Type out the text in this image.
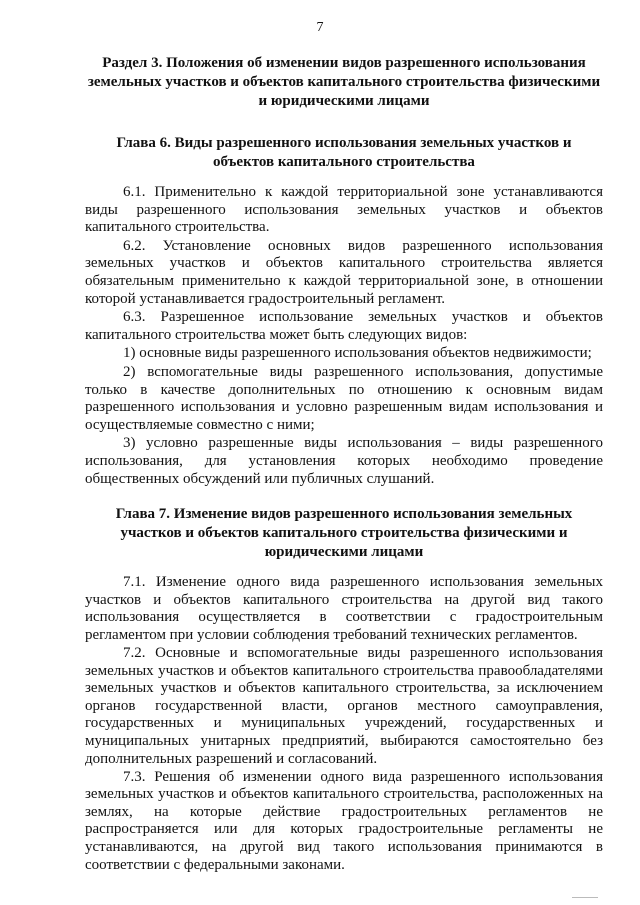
7
Раздел 3. Положения об изменении видов разрешенного использования земельных участков и объектов капитального строительства физическими и юридическими лицами
Глава 6. Виды разрешенного использования земельных участков и объектов капитального строительства

6.1. Применительно к каждой территориальной зоне устанавливаются виды разрешенного использования земельных участков и объектов капитального строительства.

6.2. Установление основных видов разрешенного использования земельных участков и объектов капитального строительства является обязательным применительно к каждой территориальной зоне, в отношении которой устанавливается градостроительный регламент.

6.3. Разрешенное использование земельных участков и объектов капитального строительства может быть следующих видов:

1) основные виды разрешенного использования объектов недвижимости;

2) вспомогательные виды разрешенного использования, допустимые только в качестве дополнительных по отношению к основным видам разрешенного использования и условно разрешенным видам использования и осуществляемые совместно с ними;

3) условно разрешенные виды использования – виды разрешенного использования, для установления которых необходимо проведение общественных обсуждений или публичных слушаний.

Глава 7. Изменение видов разрешенного использования земельных участков и объектов капитального строительства физическими и юридическими лицами

7.1. Изменение одного вида разрешенного использования земельных участков и объектов капитального строительства на другой вид такого использования осуществляется в соответствии с градостроительным регламентом при условии соблюдения требований технических регламентов.

7.2. Основные и вспомогательные виды разрешенного использования земельных участков и объектов капитального строительства правообладателями земельных участков и объектов капитального строительства, за исключением органов государственной власти, органов местного самоуправления, государственных и муниципальных учреждений, государственных и муниципальных унитарных предприятий, выбираются самостоятельно без дополнительных разрешений и согласований.

7.3. Решения об изменении одного вида разрешенного использования земельных участков и объектов капитального строительства, расположенных на землях, на которые действие градостроительных регламентов не распространяется или для которых градостроительные регламенты не устанавливаются, на другой вид такого использования принимаются в соответствии с федеральными законами.
